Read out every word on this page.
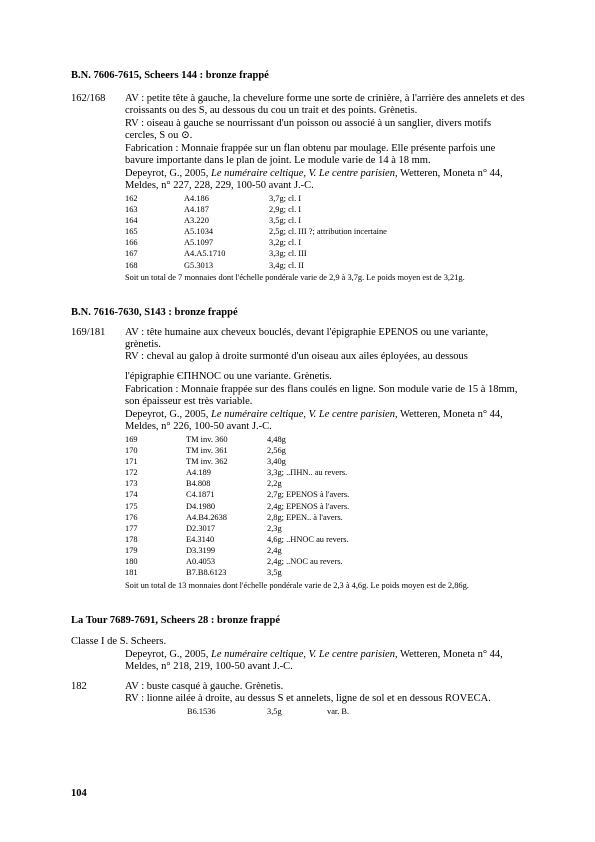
B.N. 7606-7615, Scheers 144 : bronze frappé
162/168 AV : petite tête à gauche, la chevelure forme une sorte de crinière, à l'arrière des annelets et des croissants ou des S, au dessous du cou un trait et des points. Grènetis.
RV : oiseau à gauche se nourrissant d'un poisson ou associé à un sanglier, divers motifs cercles, S ou ⊙.
Fabrication : Monnaie frappée sur un flan obtenu par moulage. Elle présente parfois une bavure importante dans le plan de joint. Le module varie de 14 à 18 mm.
Depeyrot, G., 2005, Le numéraire celtique, V. Le centre parisien, Wetteren, Moneta n° 44, Meldes, n° 227, 228, 229, 100-50 avant J.-C.
162	A4.186	3,7g; cl. I
163	A4.187	2,9g; cl. I
164	A3.220	3,5g; cl. I
165	A5.1034	2,5g; cl. III ?; attribution incertaine
166	A5.1097	3,2g; cl. I
167	A4.A5.1710	3,3g; cl. III
168	G5.3013	3,4g; cl. II
Soit un total de 7 monnaies dont l'échelle pondérale varie de 2,9 à 3,7g. Le poids moyen est de 3,21g.
B.N. 7616-7630, S143 : bronze frappé
169/181 AV : tête humaine aux cheveux bouclés, devant l'épigraphie EPENOS ou une variante, grènetis.
RV : cheval au galop à droite surmonté d'un oiseau aux ailes éployées, au dessous
l'épigraphie ЄΠΗΝΟC ou une variante. Grènetis.
Fabrication : Monnaie frappée sur des flans coulés en ligne. Son module varie de 15 à 18mm, son épaisseur est très variable.
Depeyrot, G., 2005, Le numéraire celtique, V. Le centre parisien, Wetteren, Moneta n° 44, Meldes, n° 226, 100-50 avant J.-C.
169	TM inv. 360	4,48g
170	TM inv. 361	2,56g
171	TM inv. 362	3,40g
172	A4.189	3,3g; ..ΠΗΝ.. au revers.
173	B4.808	2,2g
174	C4.1871	2,7g; EPENOS à l'avers.
175	D4.1980	2,4g; EPENOS à l'avers.
176	A4.B4.2638	2,8g; EPEN.. à l'avers.
177	D2.3017	2,3g
178	E4.3140	4,6g; ..HNOC au revers.
179	D3.3199	2,4g
180	A0.4053	2,4g; ..NOC au revers.
181	B7.B8.6123	3,5g
Soit un total de 13 monnaies dont l'échelle pondérale varie de 2,3 à 4,6g. Le poids moyen est de 2,86g.
La Tour 7689-7691, Scheers 28 : bronze frappé
Classe I de S. Scheers.
Depeyrot, G., 2005, Le numéraire celtique, V. Le centre parisien, Wetteren, Moneta n° 44, Meldes, n° 218, 219, 100-50 avant J.-C.
182	AV : buste casqué à gauche. Grènetis.
RV : lionne ailée à droite, au dessus S et annelets, ligne de sol et en dessous ROVECA.
B6.1536	3,5g	var. B.
104
